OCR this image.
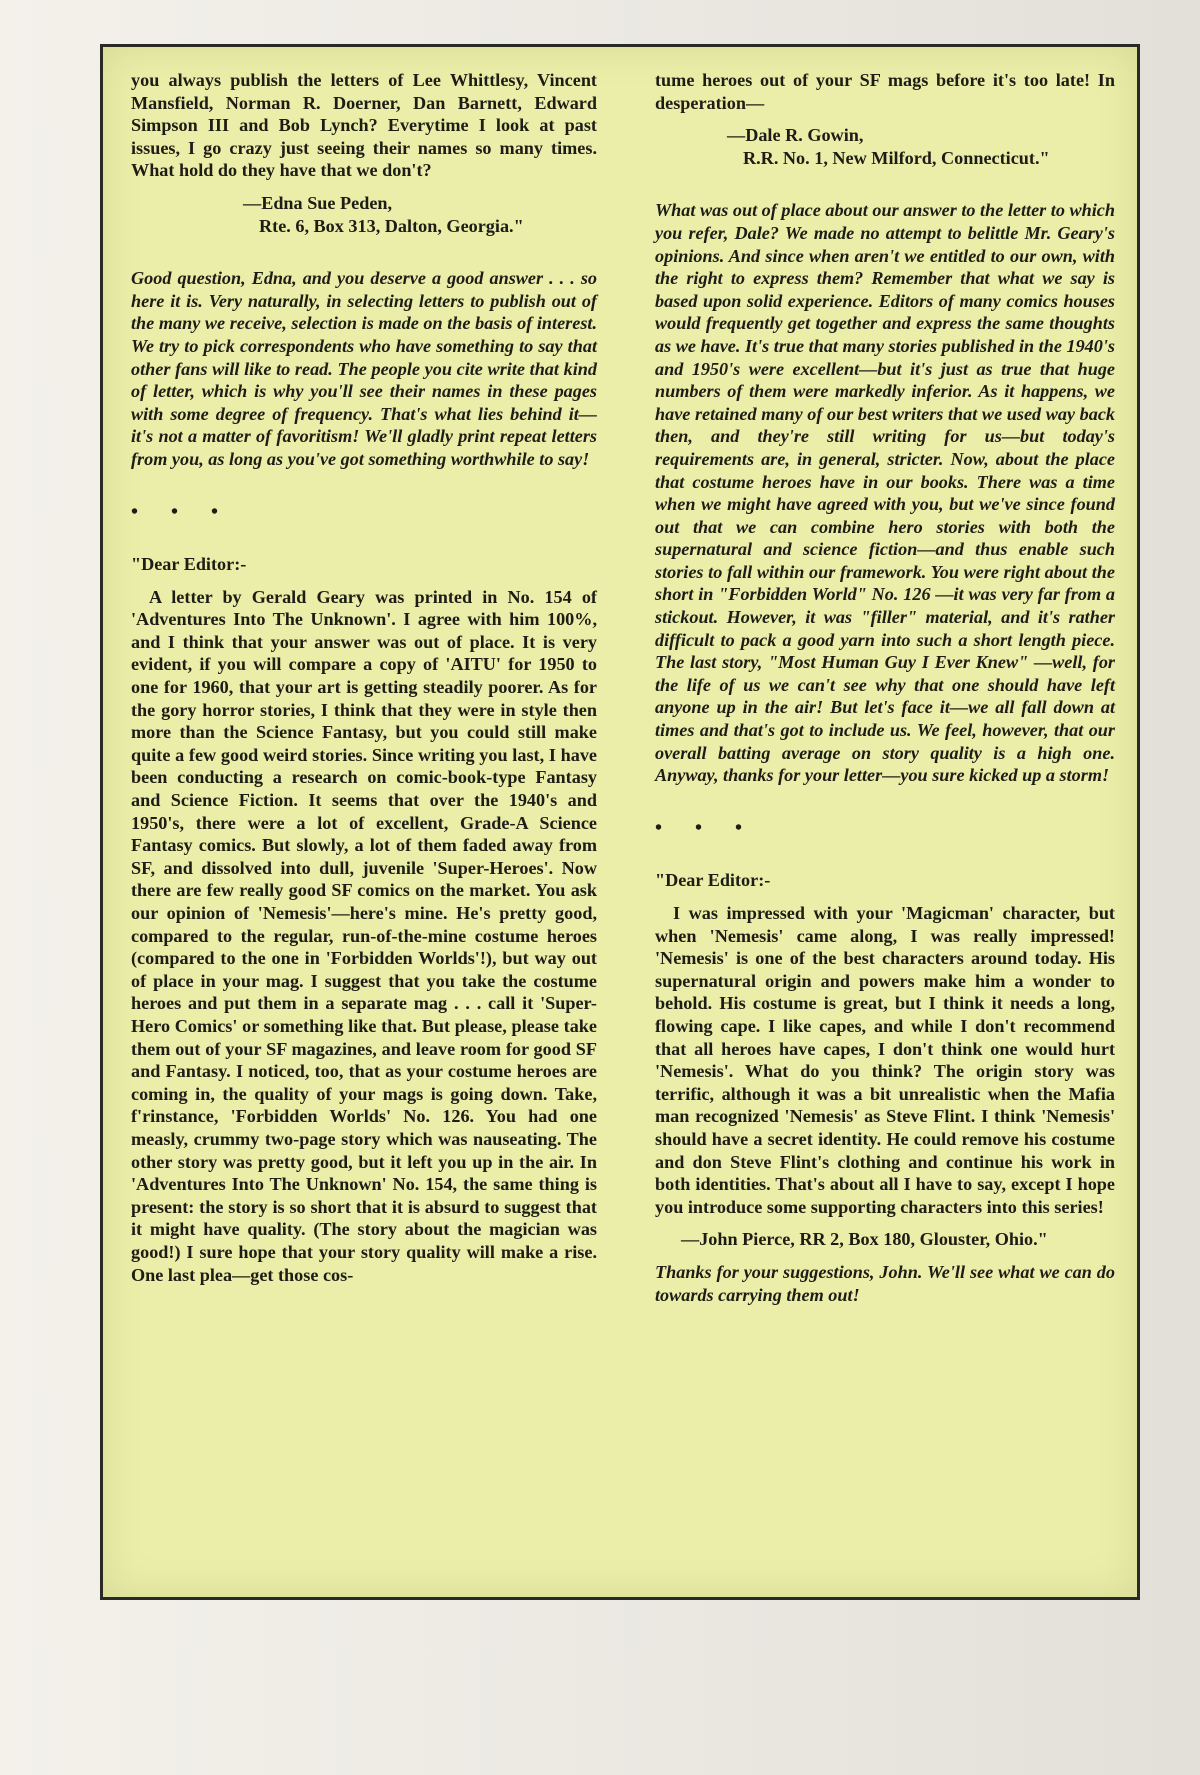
you always publish the letters of Lee Whittlesy, Vincent Mansfield, Norman R. Doerner, Dan Barnett, Edward Simpson III and Bob Lynch? Everytime I look at past issues, I go crazy just seeing their names so many times. What hold do they have that we don't?

—Edna Sue Peden,

Rte. 6, Box 313, Dalton, Georgia."

Good question, Edna, and you deserve a good answer . . . so here it is. Very naturally, in selecting letters to publish out of the many we receive, selection is made on the basis of interest. We try to pick correspondents who have something to say that other fans will like to read. The people you cite write that kind of letter, which is why you'll see their names in these pages with some degree of frequency. That's what lies behind it—it's not a matter of favoritism! We'll gladly print repeat letters from you, as long as you've got something worthwhile to say!

• • •

"Dear Editor:-

A letter by Gerald Geary was printed in No. 154 of 'Adventures Into The Unknown'. I agree with him 100%, and I think that your answer was out of place. It is very evident, if you will compare a copy of 'AITU' for 1950 to one for 1960, that your art is getting steadily poorer. As for the gory horror stories, I think that they were in style then more than the Science Fantasy, but you could still make quite a few good weird stories. Since writing you last, I have been conducting a research on comic-book-type Fantasy and Science Fiction. It seems that over the 1940's and 1950's, there were a lot of excellent, Grade-A Science Fantasy comics. But slowly, a lot of them faded away from SF, and dissolved into dull, juvenile 'Super-Heroes'. Now there are few really good SF comics on the market. You ask our opinion of 'Nemesis'—here's mine. He's pretty good, compared to the regular, run-of-the-mine costume heroes (compared to the one in 'Forbidden Worlds'!), but way out of place in your mag. I suggest that you take the costume heroes and put them in a separate mag . . . call it 'Super-Hero Comics' or something like that. But please, please take them out of your SF magazines, and leave room for good SF and Fantasy. I noticed, too, that as your costume heroes are coming in, the quality of your mags is going down. Take, f'rinstance, 'Forbidden Worlds' No. 126. You had one measly, crummy two-page story which was nauseating. The other story was pretty good, but it left you up in the air. In 'Adventures Into The Unknown' No. 154, the same thing is present: the story is so short that it is absurd to suggest that it might have quality. (The story about the magician was good!) I sure hope that your story quality will make a rise. One last plea—get those cos-

tume heroes out of your SF mags before it's too late! In desperation—

—Dale R. Gowin,

R.R. No. 1, New Milford, Connecticut."

What was out of place about our answer to the letter to which you refer, Dale? We made no attempt to belittle Mr. Geary's opinions. And since when aren't we entitled to our own, with the right to express them? Remember that what we say is based upon solid experience. Editors of many comics houses would frequently get together and express the same thoughts as we have. It's true that many stories published in the 1940's and 1950's were excellent—but it's just as true that huge numbers of them were markedly inferior. As it happens, we have retained many of our best writers that we used way back then, and they're still writing for us—but today's requirements are, in general, stricter. Now, about the place that costume heroes have in our books. There was a time when we might have agreed with you, but we've since found out that we can combine hero stories with both the supernatural and science fiction—and thus enable such stories to fall within our framework. You were right about the short in "Forbidden World" No. 126 —it was very far from a stickout. However, it was "filler" material, and it's rather difficult to pack a good yarn into such a short length piece. The last story, "Most Human Guy I Ever Knew" —well, for the life of us we can't see why that one should have left anyone up in the air! But let's face it—we all fall down at times and that's got to include us. We feel, however, that our overall batting average on story quality is a high one. Anyway, thanks for your letter—you sure kicked up a storm!

• • •

"Dear Editor:-

I was impressed with your 'Magicman' character, but when 'Nemesis' came along, I was really impressed! 'Nemesis' is one of the best characters around today. His supernatural origin and powers make him a wonder to behold. His costume is great, but I think it needs a long, flowing cape. I like capes, and while I don't recommend that all heroes have capes, I don't think one would hurt 'Nemesis'. What do you think? The origin story was terrific, although it was a bit unrealistic when the Mafia man recognized 'Nemesis' as Steve Flint. I think 'Nemesis' should have a secret identity. He could remove his costume and don Steve Flint's clothing and continue his work in both identities. That's about all I have to say, except I hope you introduce some supporting characters into this series!

—John Pierce, RR 2, Box 180, Glouster, Ohio."

Thanks for your suggestions, John. We'll see what we can do towards carrying them out!
